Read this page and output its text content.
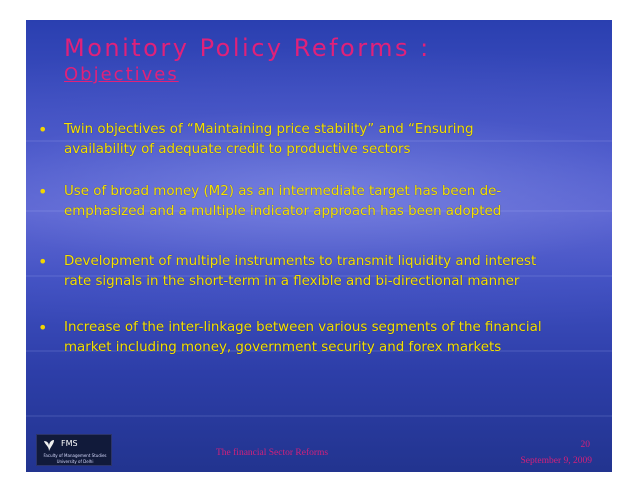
Monitory Policy Reforms :
Objectives
•	Twin objectives of “Maintaining price stability” and “Ensuring
availability of adequate credit to productive sectors
•	Use of broad money (M2) as an intermediate target has been de-
emphasized and a multiple indicator approach has been adopted
•	Development of multiple instruments to transmit liquidity and interest
rate signals in the short-term in a flexible and bi-directional manner
•	Increase of the inter-linkage between various segments of the financial
market including money, government security and forex markets
FMS
Faculty of Management Studies
University of Delhi
The financial Sector Reforms
20
September 9, 2009
